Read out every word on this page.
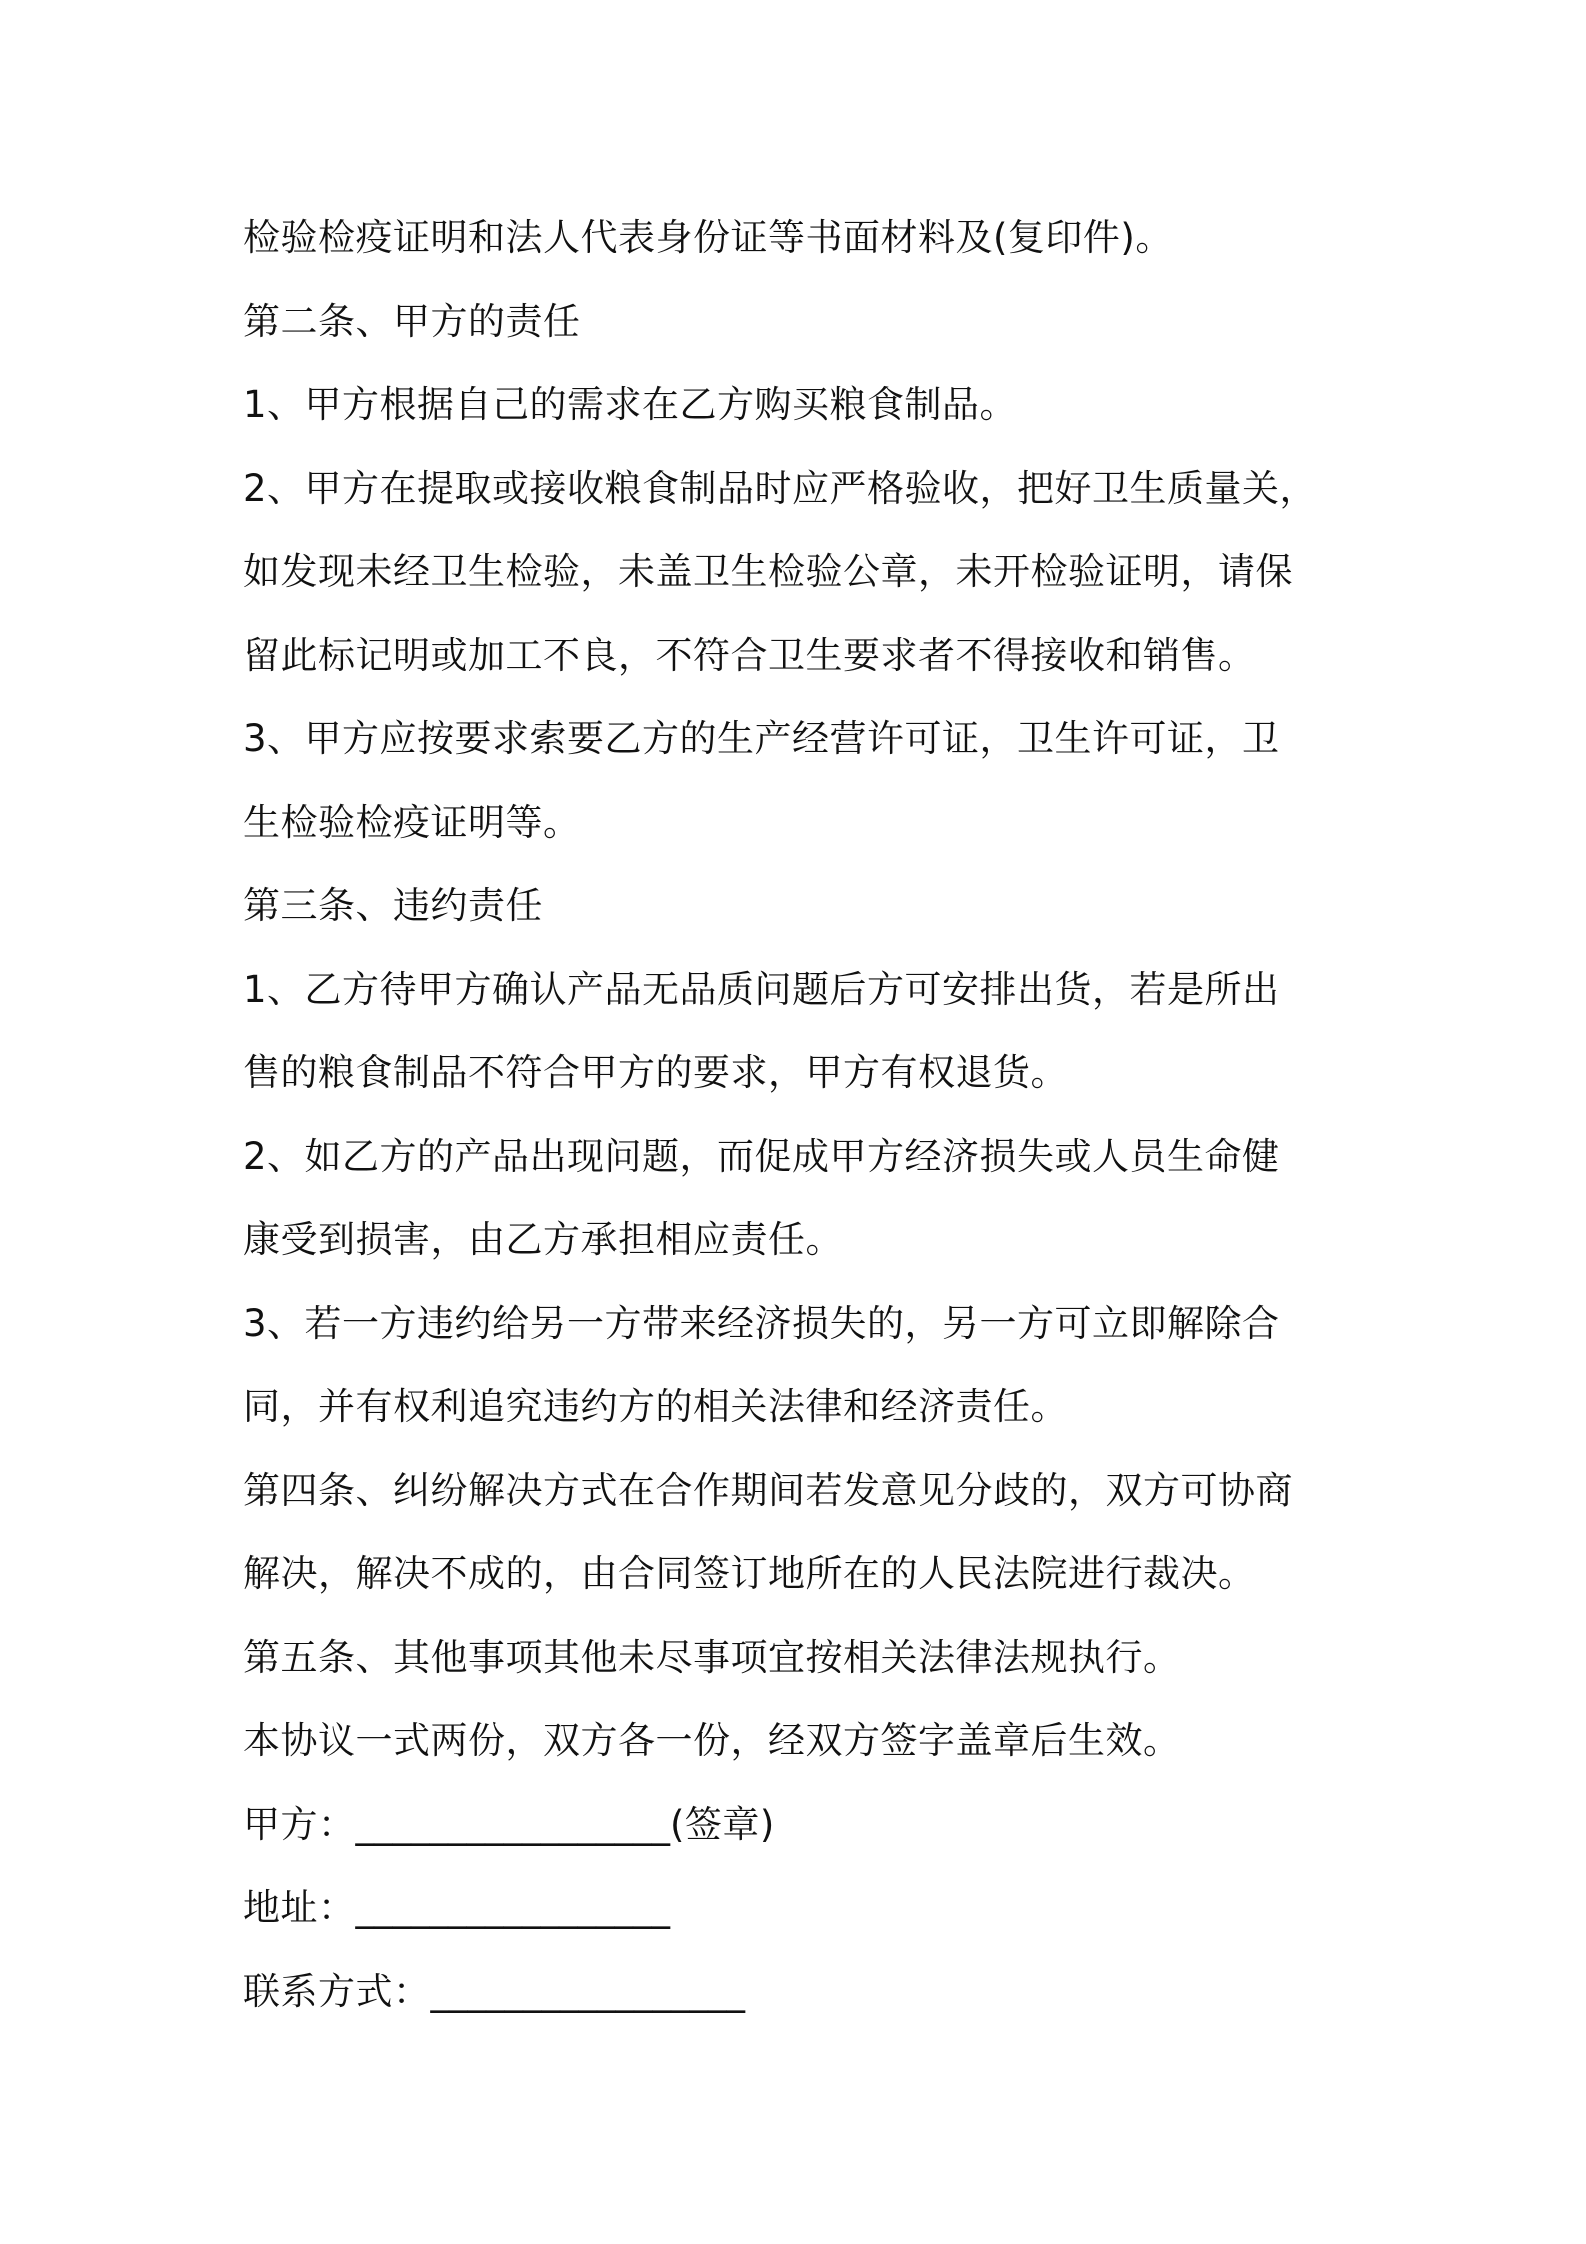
检验检疫证明和法人代表身份证等书面材料及(复印件)。
第二条、甲方的责任
1、甲方根据自己的需求在乙方购买粮食制品。
2、甲方在提取或接收粮食制品时应严格验收，把好卫生质量关，
如发现未经卫生检验，未盖卫生检验公章，未开检验证明，请保
留此标记明或加工不良，不符合卫生要求者不得接收和销售。
3、甲方应按要求索要乙方的生产经营许可证，卫生许可证，卫
生检验检疫证明等。
第三条、违约责任
1、乙方待甲方确认产品无品质问题后方可安排出货，若是所出
售的粮食制品不符合甲方的要求，甲方有权退货。
2、如乙方的产品出现问题，而促成甲方经济损失或人员生命健
康受到损害，由乙方承担相应责任。
3、若一方违约给另一方带来经济损失的，另一方可立即解除合
同，并有权利追究违约方的相关法律和经济责任。
第四条、纠纷解决方式在合作期间若发意见分歧的，双方可协商
解决，解决不成的，由合同签订地所在的人民法院进行裁决。
第五条、其他事项其他未尽事项宜按相关法律法规执行。
本协议一式两份，双方各一份，经双方签字盖章后生效。
甲方：_________________(签章)
地址：_________________
联系方式：_________________
